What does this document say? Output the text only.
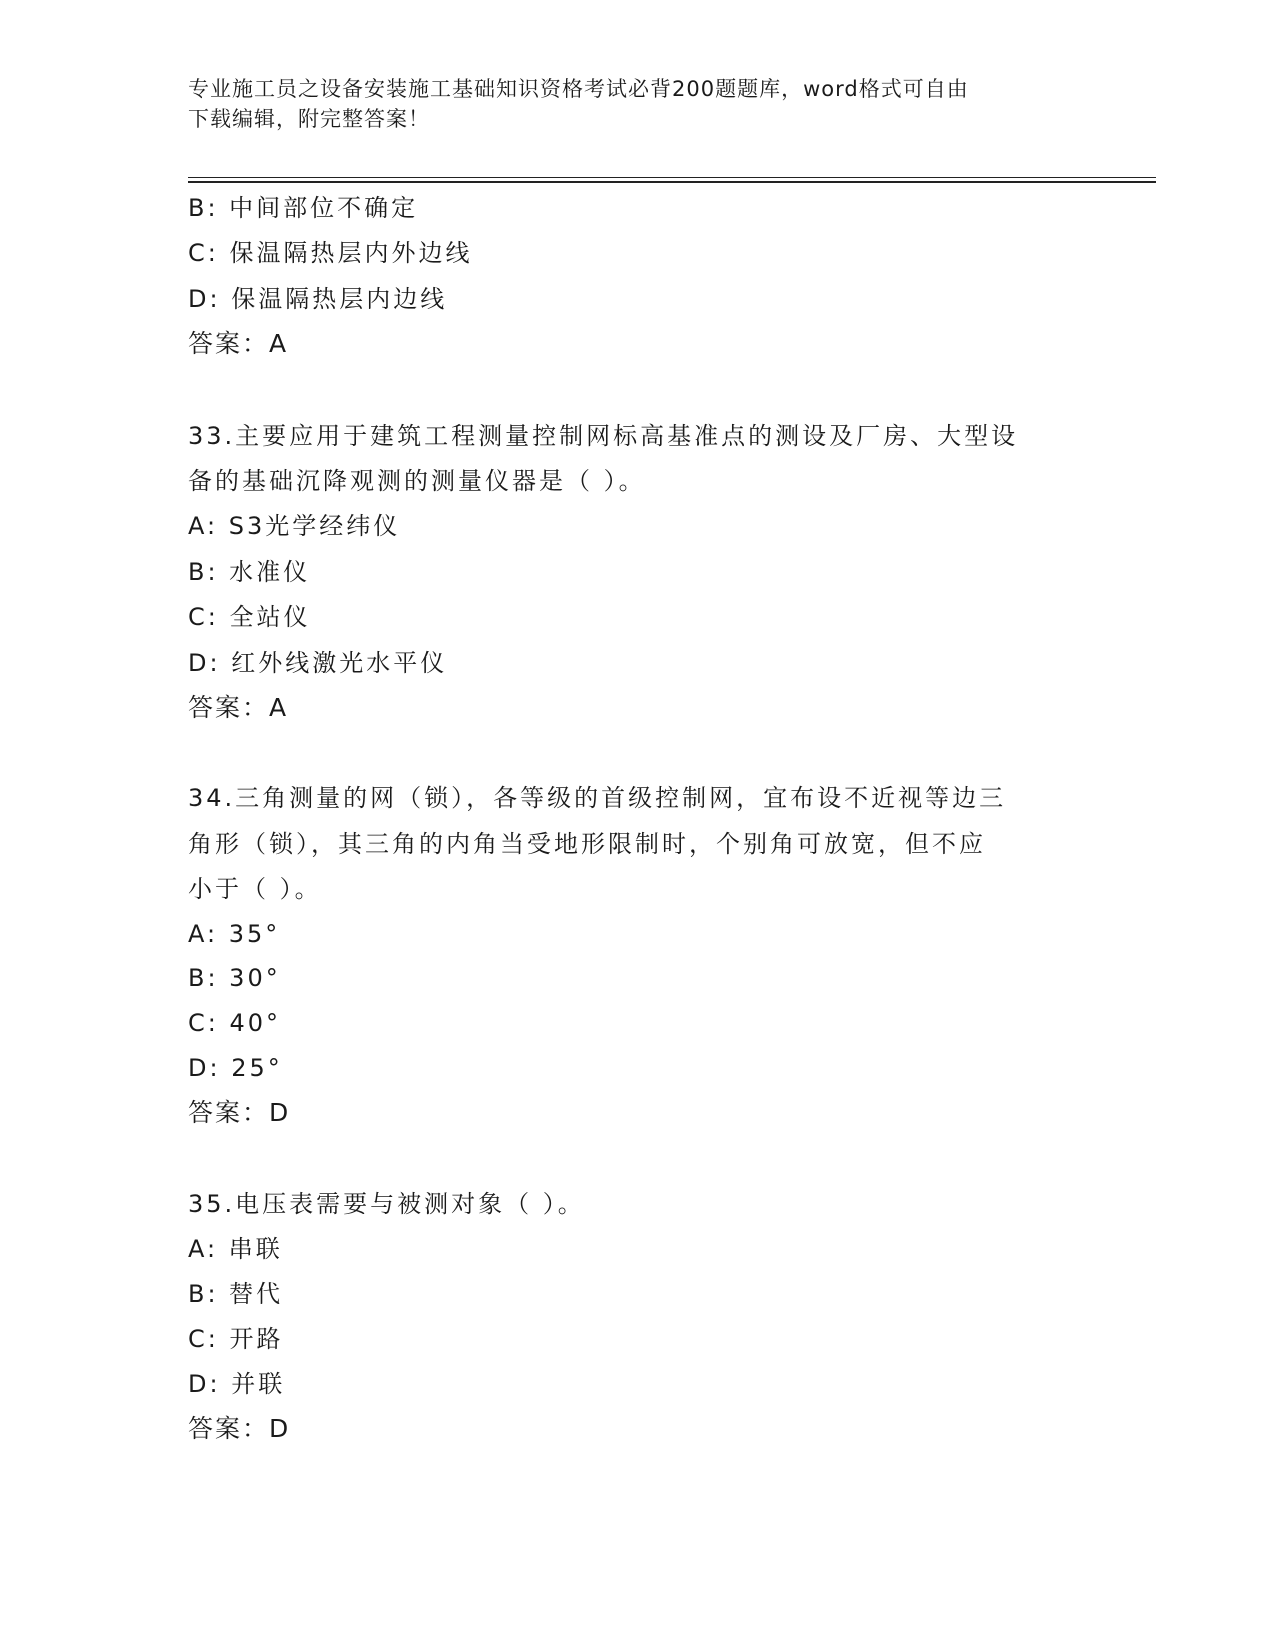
专业施工员之设备安装施工基础知识资格考试必背200题题库，word格式可自由
下载编辑，附完整答案！
B: 中间部位不确定
C: 保温隔热层内外边线
D: 保温隔热层内边线
答案：A
33.主要应用于建筑工程测量控制网标高基准点的测设及厂房、大型设
备的基础沉降观测的测量仪器是（ ）。
A: S3光学经纬仪
B: 水准仪
C: 全站仪
D: 红外线激光水平仪
答案：A
34.三角测量的网（锁），各等级的首级控制网，宜布设不近视等边三
角形（锁），其三角的内角当受地形限制时，个别角可放宽，但不应
小于（ ）。
A: 35°
B: 30°
C: 40°
D: 25°
答案：D
35.电压表需要与被测对象（ ）。
A: 串联
B: 替代
C: 开路
D: 并联
答案：D
